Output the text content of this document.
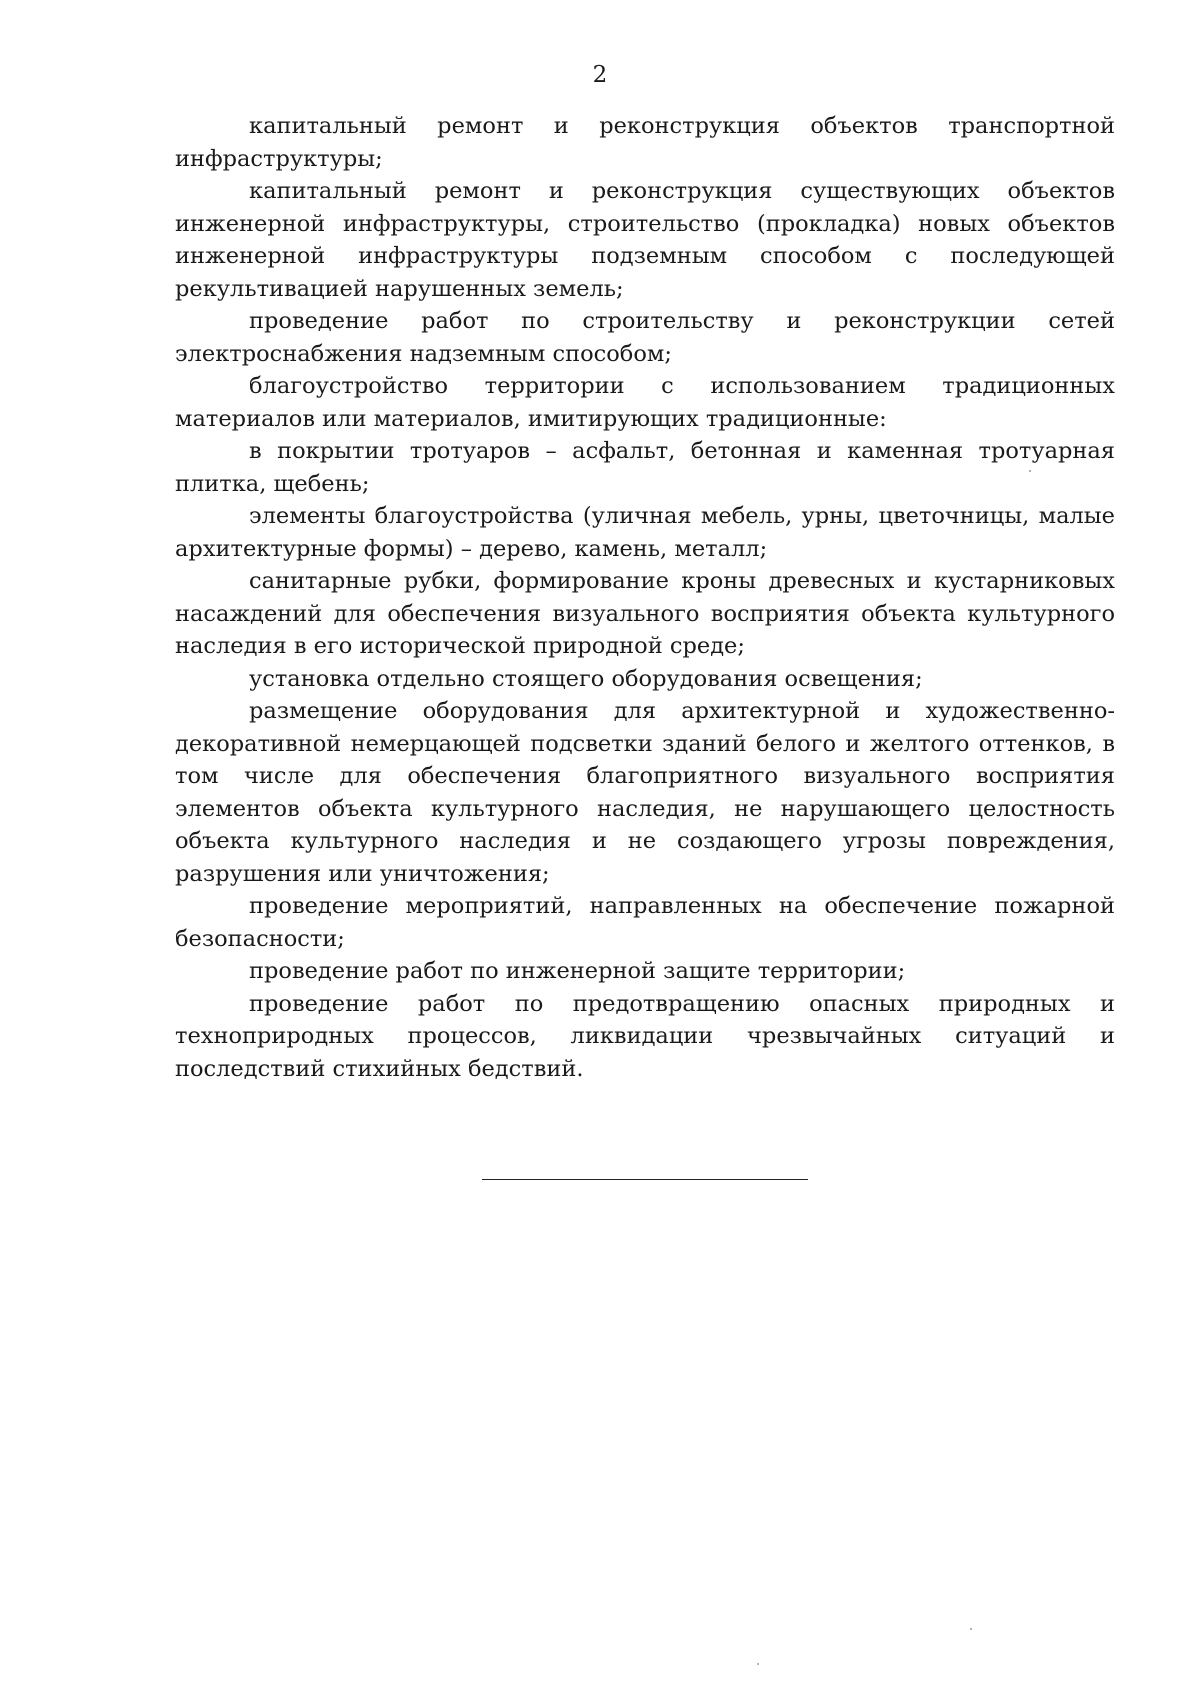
2

капитальный ремонт и реконструкция объектов транспортной инфраструктуры;

капитальный ремонт и реконструкция существующих объектов инженерной инфраструктуры, строительство (прокладка) новых объектов инженерной инфраструктуры подземным способом с последующей рекультивацией нарушенных земель;

проведение работ по строительству и реконструкции сетей электроснабжения надземным способом;

благоустройство территории с использованием традиционных материалов или материалов, имитирующих традиционные:

в покрытии тротуаров – асфальт, бетонная и каменная тротуарная плитка, щебень;

элементы благоустройства (уличная мебель, урны, цветочницы, малые архитектурные формы) – дерево, камень, металл;

санитарные рубки, формирование кроны древесных и кустарниковых насаждений для обеспечения визуального восприятия объекта культурного наследия в его исторической природной среде;

установка отдельно стоящего оборудования освещения;

размещение оборудования для архитектурной и художественно-декоративной немерцающей подсветки зданий белого и желтого оттенков, в том числе для обеспечения благоприятного визуального восприятия элементов объекта культурного наследия, не нарушающего целостность объекта культурного наследия и не создающего угрозы повреждения, разрушения или уничтожения;

проведение мероприятий, направленных на обеспечение пожарной безопасности;

проведение работ по инженерной защите территории;

проведение работ по предотвращению опасных природных и техноприродных процессов, ликвидации чрезвычайных ситуаций и последствий стихийных бедствий.
